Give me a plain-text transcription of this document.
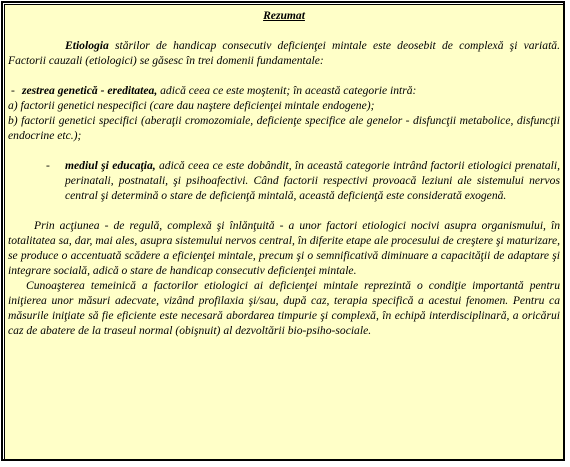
Rezumat

Etiologia stărilor de handicap consecutiv deficienţei mintale este deosebit de complexă şi variată. Factorii cauzali (etiologici) se găsesc în trei domenii fundamentale:

- zestrea genetică - ereditatea, adică ceea ce este moştenit; în această categorie intră:

a) factorii genetici nespecifici (care dau naştere deficienţei mintale endogene);

b) factorii genetici specifici (aberaţii cromozomiale, deficienţe specifice ale genelor - disfuncţii metabolice, disfuncţii endocrine etc.);

-	mediul şi educaţia, adică ceea ce este dobândit, în această categorie intrând factorii etiologici prenatali, perinatali, postnatali, şi psihoafectivi. Când factorii respectivi provoacă leziuni ale sistemului nervos central şi determină o stare de deficienţă mintală, această deficienţă este considerată exogenă.

Prin acţiunea - de regulă, complexă şi înlănţuită - a unor factori etiologici nocivi asupra organismului, în totalitatea sa, dar, mai ales, asupra sistemului nervos central, în diferite etape ale procesului de creştere şi maturizare, se produce o accentuată scădere a eficienţei mintale, precum şi o semnificativă diminuare a capacităţii de adaptare şi integrare socială, adică o stare de handicap consecutiv deficienţei mintale.

Cunoaşterea temeinică a factorilor etiologici ai deficienţei mintale reprezintă o condiţie importantă pentru iniţierea unor măsuri adecvate, vizând profilaxia şi/sau, după caz, terapia specifică a acestui fenomen. Pentru ca măsurile iniţiate să fie eficiente este necesară abordarea timpurie şi complexă, în echipă interdisciplinară, a oricărui caz de abatere de la traseul normal (obişnuit) al dezvoltării bio-psiho-sociale.
